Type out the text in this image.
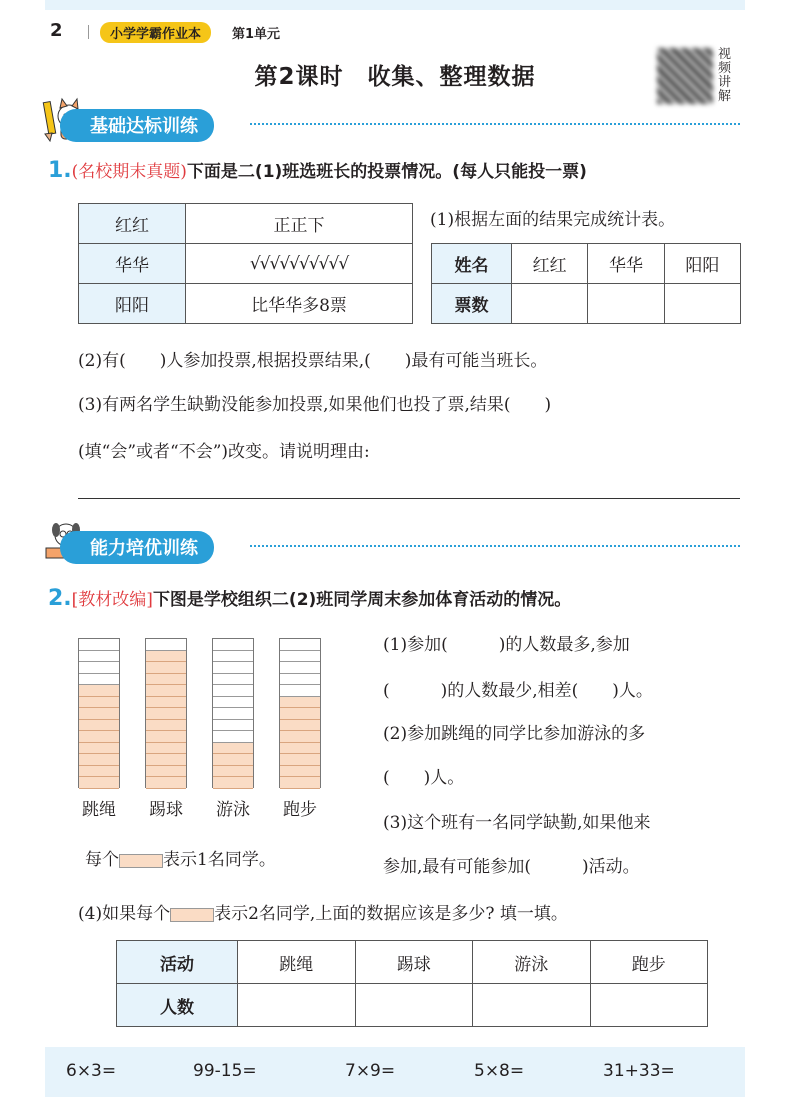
2	小学学霸作业本	第1单元
第2课时　收集、整理数据
视频讲解
基础达标训练
1.(名校期末真题)下面是二(1)班选班长的投票情况。(每人只能投一票)
红红	正正下
华华	√√√√√√√√√√
阳阳	比华华多8票
(1)根据左面的结果完成统计表。
姓名	红红	华华	阳阳
票数			
(2)有(　　)人参加投票,根据投票结果,(　　)最有可能当班长。
(3)有两名学生缺勤没能参加投票,如果他们也投了票,结果(　　)
(填“会”或者“不会”)改变。请说明理由:
能力培优训练
2.[教材改编]下图是学校组织二(2)班同学周末参加体育活动的情况。
跳绳	踢球	游泳	跑步
每个	表示1名同学。
(1)参加(　　　)的人数最多,参加
(　　　)的人数最少,相差(　　)人。
(2)参加跳绳的同学比参加游泳的多
(　　)人。
(3)这个班有一名同学缺勤,如果他来
参加,最有可能参加(　　　)活动。
(4)如果每个	表示2名同学,上面的数据应该是多少? 填一填。
活动	跳绳	踢球	游泳	跑步
人数				
6×3=	99-15=	7×9=	5×8=	31+33=
